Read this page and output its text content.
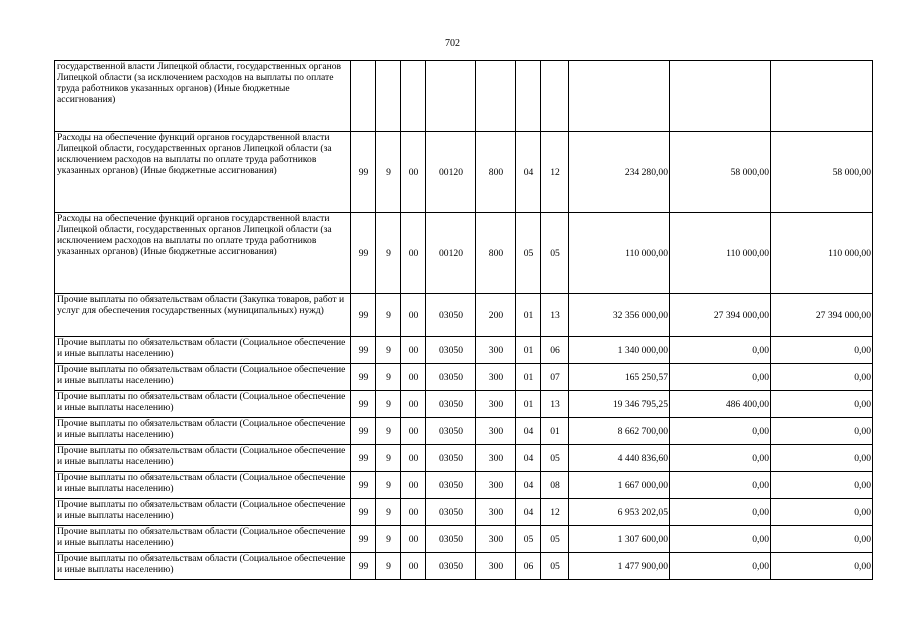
702
государственной власти Липецкой области, государственных органов Липецкой области (за исключением расходов на выплаты по оплате труда работников указанных органов) (Иные бюджетные ассигнования)										
Расходы на обеспечение функций органов государственной власти Липецкой области, государственных органов Липецкой области (за исключением расходов на выплаты по оплате труда работников указанных органов) (Иные бюджетные ассигнования)	99	9	00	00120	800	04	12	234 280,00	58 000,00	58 000,00
Расходы на обеспечение функций органов государственной власти Липецкой области, государственных органов Липецкой области (за исключением расходов на выплаты по оплате труда работников указанных органов) (Иные бюджетные ассигнования)	99	9	00	00120	800	05	05	110 000,00	110 000,00	110 000,00
Прочие выплаты по обязательствам области (Закупка товаров, работ и услуг для обеспечения государственных (муниципальных) нужд)	99	9	00	03050	200	01	13	32 356 000,00	27 394 000,00	27 394 000,00
Прочие выплаты по обязательствам области (Социальное обеспечение и иные выплаты населению)	99	9	00	03050	300	01	06	1 340 000,00	0,00	0,00
Прочие выплаты по обязательствам области (Социальное обеспечение и иные выплаты населению)	99	9	00	03050	300	01	07	165 250,57	0,00	0,00
Прочие выплаты по обязательствам области (Социальное обеспечение и иные выплаты населению)	99	9	00	03050	300	01	13	19 346 795,25	486 400,00	0,00
Прочие выплаты по обязательствам области (Социальное обеспечение и иные выплаты населению)	99	9	00	03050	300	04	01	8 662 700,00	0,00	0,00
Прочие выплаты по обязательствам области (Социальное обеспечение и иные выплаты населению)	99	9	00	03050	300	04	05	4 440 836,60	0,00	0,00
Прочие выплаты по обязательствам области (Социальное обеспечение и иные выплаты населению)	99	9	00	03050	300	04	08	1 667 000,00	0,00	0,00
Прочие выплаты по обязательствам области (Социальное обеспечение и иные выплаты населению)	99	9	00	03050	300	04	12	6 953 202,05	0,00	0,00
Прочие выплаты по обязательствам области (Социальное обеспечение и иные выплаты населению)	99	9	00	03050	300	05	05	1 307 600,00	0,00	0,00
Прочие выплаты по обязательствам области (Социальное обеспечение и иные выплаты населению)	99	9	00	03050	300	06	05	1 477 900,00	0,00	0,00
